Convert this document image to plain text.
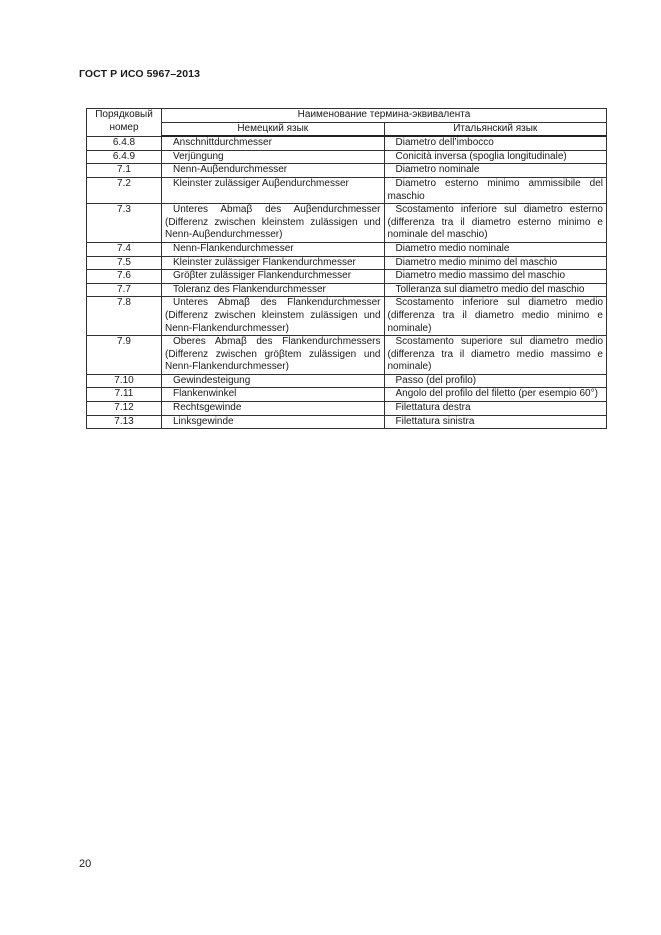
ГОСТ Р ИСО 5967–2013
Порядковый номер	Наименование термина-эквивалента	
	Немецкий язык	Итальянский язык
6.4.8	Anschnittdurchmesser	Diametro dell’imbocco
6.4.9	Verjüngung	Conicità inversa (spoglia longitudinale)
7.1	Nenn-Auβendurchmesser	Diametro nominale
7.2	Kleinster zulässiger Auβendurchmesser	Diametro esterno minimo ammissibile del maschio
7.3	Unteres Abmaβ des Auβendurchmesser (Differenz zwischen kleinstem zulässigen und Nenn-Auβendurchmesser)	Scostamento inferiore sul diametro esterno (differenza tra il diametro esterno minimo e nominale del maschio)
7.4	Nenn-Flankendurchmesser	Diametro medio nominale
7.5	Kleinster zulässiger Flankendurchmesser	Diametro medio minimo del maschio
7.6	Gröβter zulässiger Flankendurchmesser	Diametro medio massimo del maschio
7.7	Toleranz des Flankendurchmesser	Tolleranza sul diametro medio del maschio
7.8	Unteres Abmaβ des Flankendurchmesser (Differenz zwischen kleinstem zulässigen und Nenn-Flankendurchmesser)	Scostamento inferiore sul diametro medio (differenza tra il diametro medio minimo e nominale)
7.9	Oberes Abmaβ des Flankendurchmessers (Differenz zwischen gröβtem zulässigen und Nenn-Flankendurchmesser)	Scostamento superiore sul diametro medio (differenza tra il diametro medio massimo e nominale)
7.10	Gewindesteigung	Passo (del profilo)
7.11	Flankenwinkel	Angolo del profilo del filetto (per esempio 60°)
7.12	Rechtsgewinde	Filettatura destra
7.13	Linksgewinde	Filettatura sinistra
20
